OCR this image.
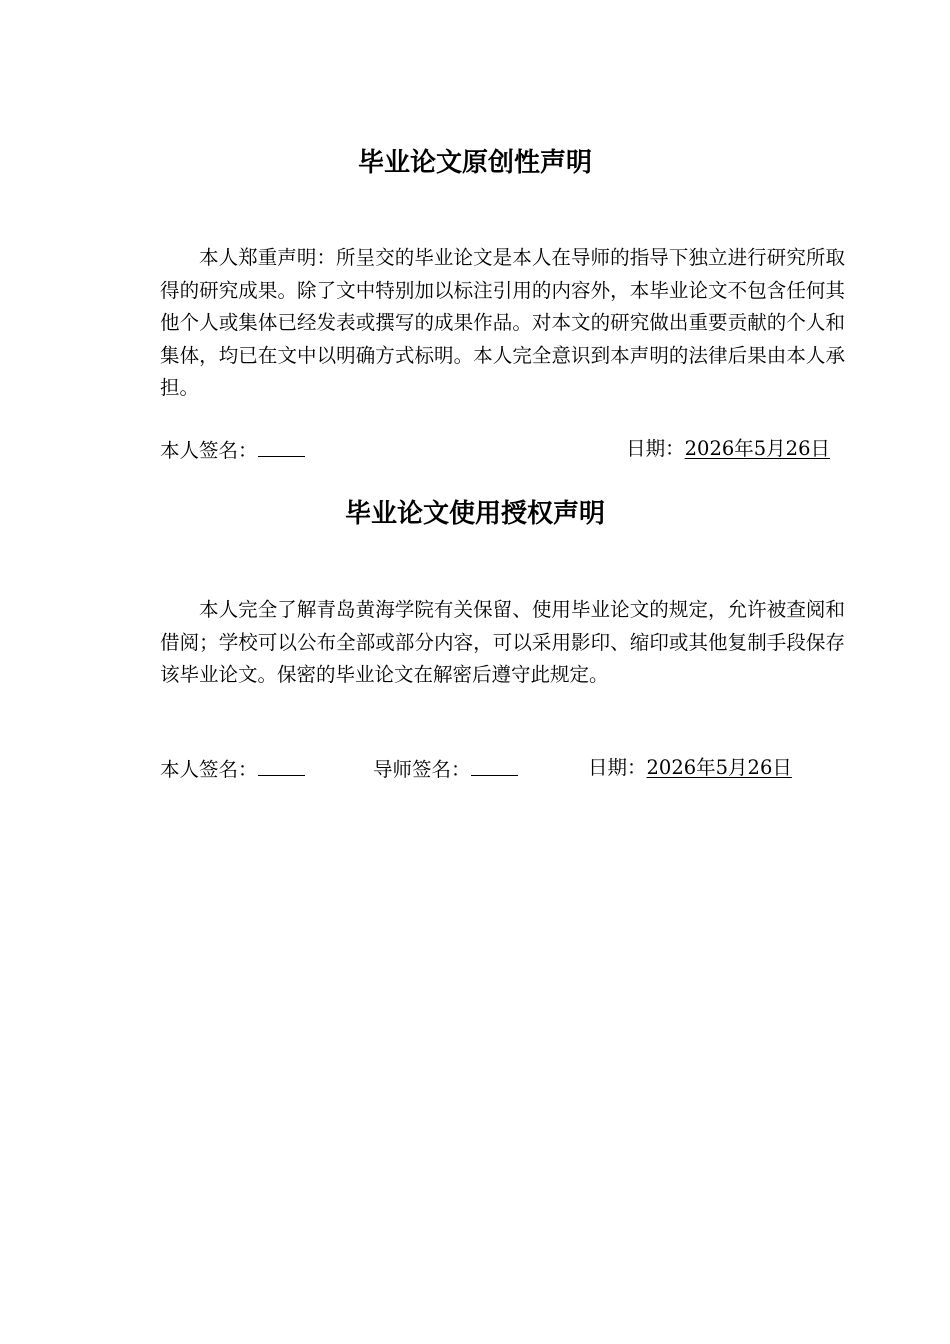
毕业论文原创性声明

本人郑重声明：所呈交的毕业论文是本人在导师的指导下独立进行研究所取得的研究成果。除了文中特别加以标注引用的内容外，本毕业论文不包含任何其他个人或集体已经发表或撰写的成果作品。对本文的研究做出重要贡献的个人和集体，均已在文中以明确方式标明。本人完全意识到本声明的法律后果由本人承担。

本人签名：	日期：2026年5月26日
毕业论文使用授权声明

本人完全了解青岛黄海学院有关保留、使用毕业论文的规定，允许被查阅和借阅；学校可以公布全部或部分内容，可以采用影印、缩印或其他复制手段保存该毕业论文。保密的毕业论文在解密后遵守此规定。

本人签名：	导师签名：	日期：2026年5月26日
